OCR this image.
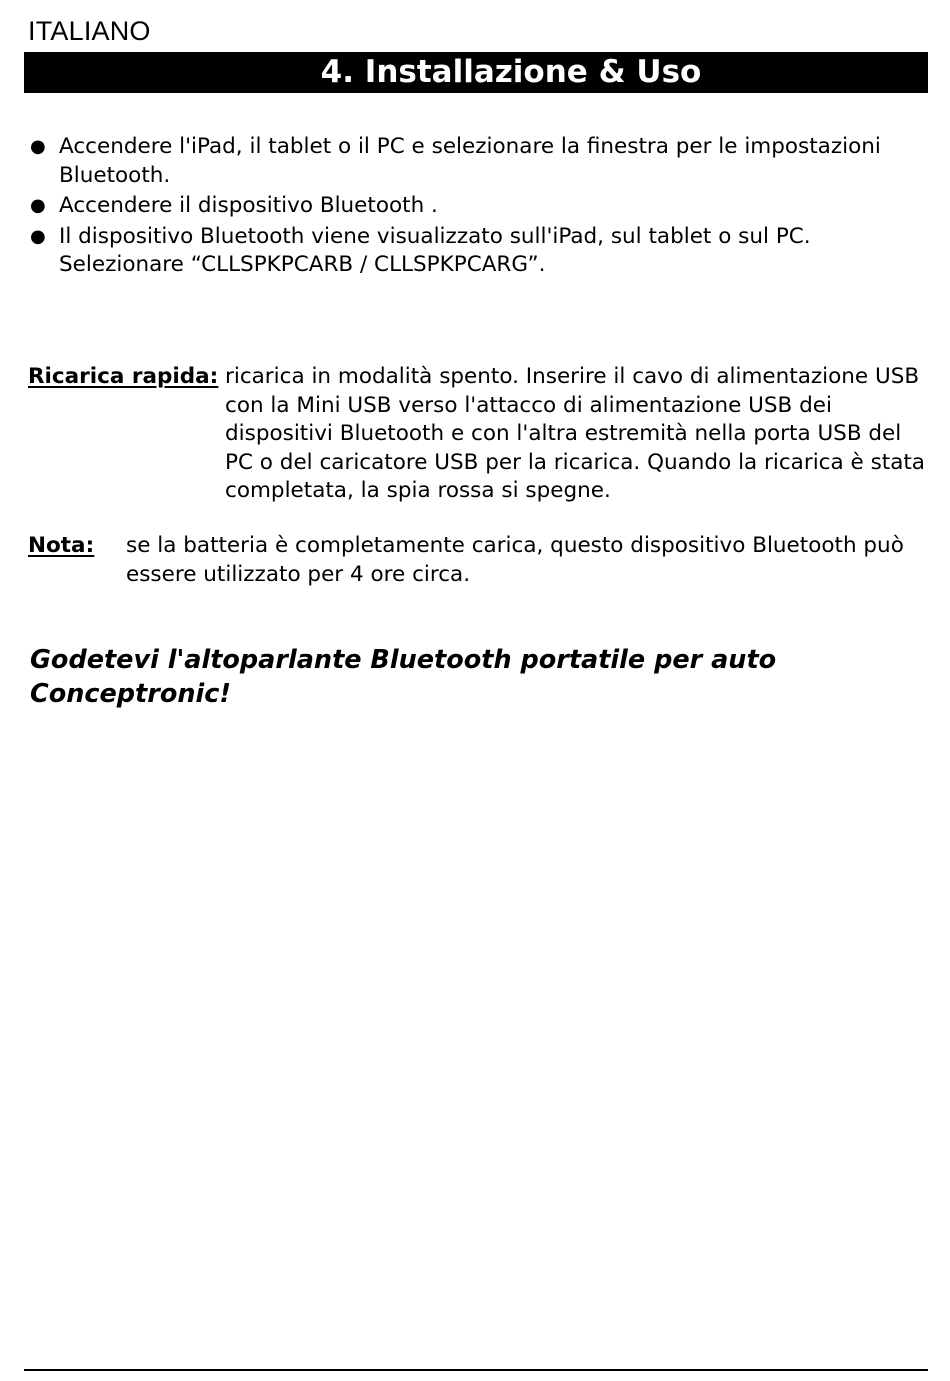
ITALIANO
4. Installazione & Uso
● Accendere l'iPad, il tablet o il PC e selezionare la finestra per le impostazioni Bluetooth.
● Accendere il dispositivo Bluetooth .
● Il dispositivo Bluetooth viene visualizzato sull'iPad, sul tablet o sul PC. Selezionare “CLLSPKPCARB / CLLSPKPCARG”.
Ricarica rapida: ricarica in modalità spento. Inserire il cavo di alimentazione USB con la Mini USB verso l'attacco di alimentazione USB dei dispositivi Bluetooth e con l'altra estremità nella porta USB del PC o del caricatore USB per la ricarica. Quando la ricarica è stata completata, la spia rossa si spegne.
Nota: se la batteria è completamente carica, questo dispositivo Bluetooth può essere utilizzato per 4 ore circa.
Godetevi l'altoparlante Bluetooth portatile per auto Conceptronic!
